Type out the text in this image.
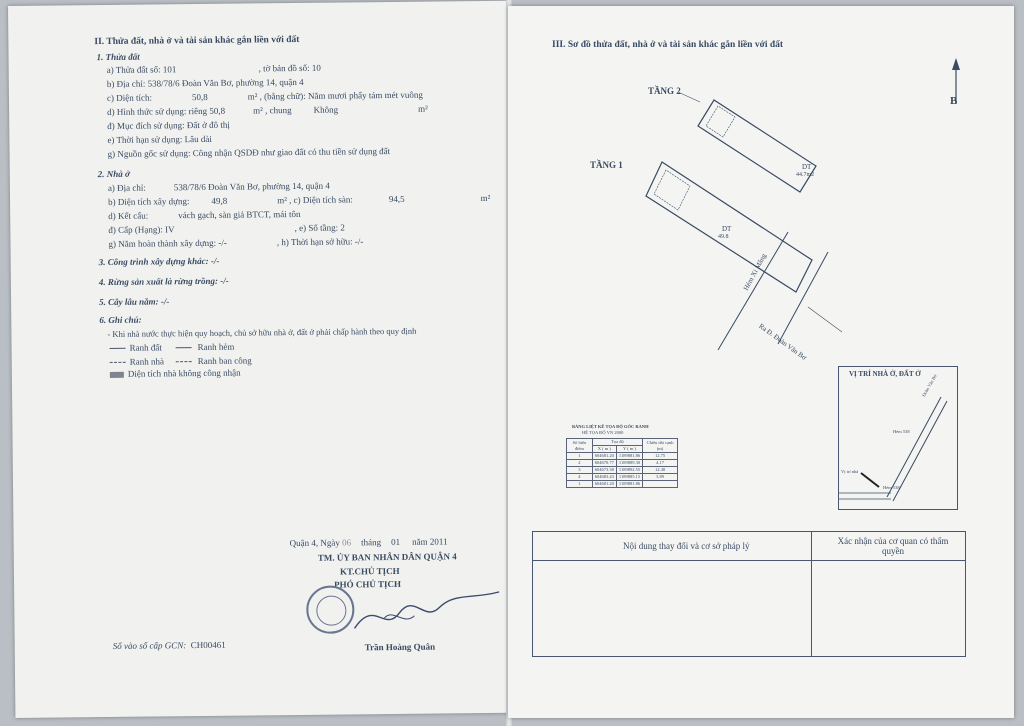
II. Thửa đất, nhà ở và tài sản khác gắn liền với đất
1. Thửa đất
a) Thửa đất số: 101	, tờ bản đồ số: 10
b) Địa chỉ: 538/78/6 Đoàn Văn Bơ, phường 14, quận 4
c) Diện tích:	50,8	m² , (bằng chữ): Năm mươi phẩy tám mét vuông
d) Hình thức sử dụng: riêng 50,8	m² , chung Không	m²
đ) Mục đích sử dụng: Đất ở đô thị
e) Thời hạn sử dụng: Lâu dài
g) Nguồn gốc sử dụng: Công nhận QSDĐ như giao đất có thu tiền sử dụng đất
2. Nhà ở
a) Địa chỉ:	538/78/6 Đoàn Văn Bơ, phường 14, quận 4
b) Diện tích xây dựng: 49,8	m² , c) Diện tích sàn:	94,5	m²
d) Kết cấu:	vách gạch, sàn giả BTCT, mái tôn
đ) Cấp (Hạng): IV	, e) Số tầng: 2
g) Năm hoàn thành xây dựng: -/-	, h) Thời hạn sở hữu: -/-
3. Công trình xây dựng khác: -/-
4. Rừng sản xuất là rừng trồng: -/-
5. Cây lâu năm: -/-
6. Ghi chú:
- Khi nhà nước thực hiện quy hoạch, chủ sở hữu nhà ở, đất ở phải chấp hành theo quy định
Ranh đất	Ranh hẻm
Ranh nhà	Ranh ban công
Diện tích nhà không công nhận
Quận 4, Ngày 06 tháng 01 năm 2011
TM. ỦY BAN NHÂN DÂN QUẬN 4
KT.CHỦ TỊCH
PHÓ CHỦ TỊCH
Trần Hoàng Quân
Số vào sổ cấp GCN: CH00461
III. Sơ đồ thửa đất, nhà ở và tài sản khác gắn liền với đất
B
TẦNG 2
TẦNG 1	DT
44.7m2
DT
49.8
Hẻm Xi Măng
Ra Đ. Đoàn Văn Bơ
BẢNG LIỆT KÊ TỌA ĐỘ GÓC RANH
HỆ TỌA ĐỘ VN 2000
Số hiệu điểm	Tọa độ		Chiều dài cạnh (m)
	X ( m )	Y ( m )	
1	604681.20	1189881.86	12.75
2	604670.77	1189889.30	4.17
3	604673.38	1189892.55	12.48
4	604683.43	1189885.15	3.89
1	604681.20	1189881.86	
VỊ TRÍ NHÀ Ở, ĐẤT Ở Đoàn Văn Bơ
Hẻm 538
Hẻm 538
Vị trí nhà
Nội dung thay đổi và cơ sở pháp lý	Xác nhận của cơ quan có thẩm quyền
